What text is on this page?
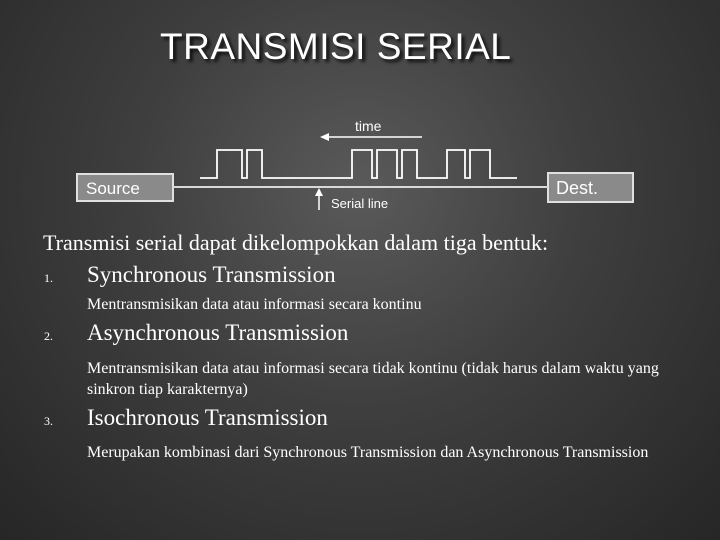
TRANSMISI SERIAL
time
Source	Dest.
Serial line
Transmisi serial dapat dikelompokkan dalam tiga bentuk:
1. Synchronous Transmission
Mentransmisikan data atau informasi secara kontinu
2. Asynchronous Transmission
Mentransmisikan data atau informasi secara tidak kontinu (tidak harus dalam waktu yang sinkron tiap karakternya)
3. Isochronous Transmission
Merupakan kombinasi dari Synchronous Transmission dan Asynchronous Transmission
